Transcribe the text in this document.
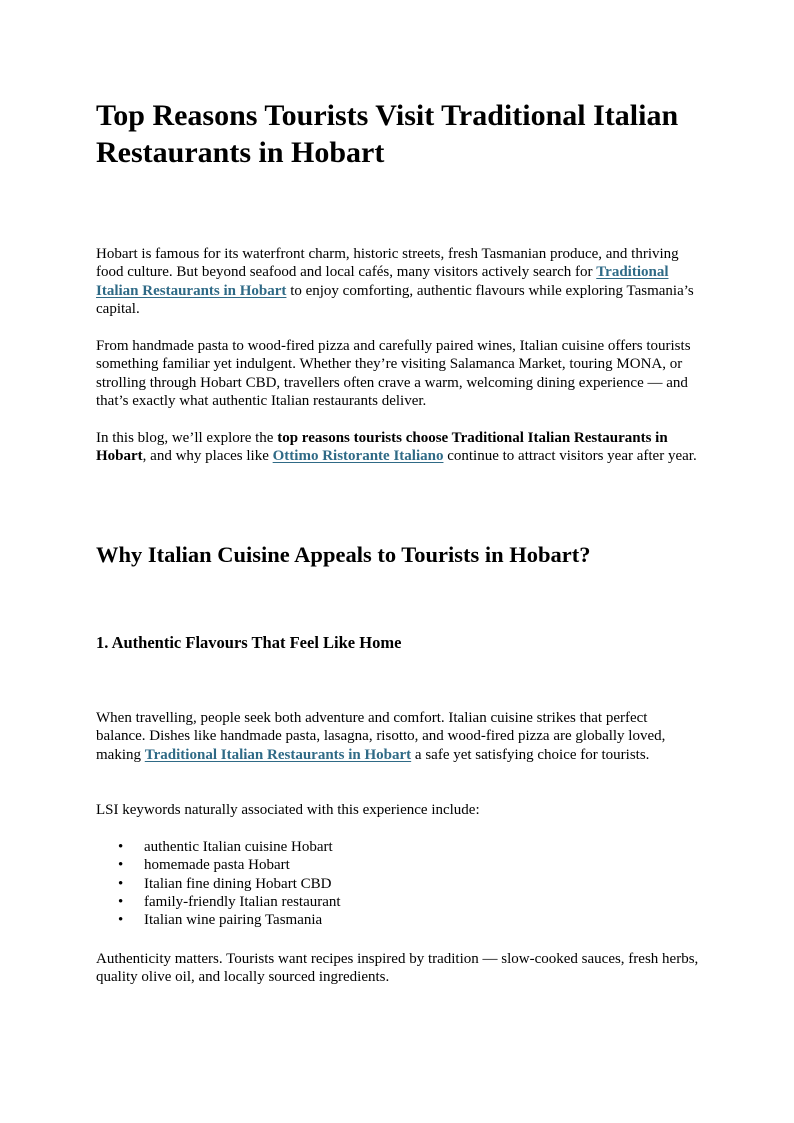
Top Reasons Tourists Visit Traditional Italian Restaurants in Hobart

Hobart is famous for its waterfront charm, historic streets, fresh Tasmanian produce, and thriving food culture. But beyond seafood and local cafés, many visitors actively search for Traditional Italian Restaurants in Hobart to enjoy comforting, authentic flavours while exploring Tasmania’s capital.

From handmade pasta to wood-fired pizza and carefully paired wines, Italian cuisine offers tourists something familiar yet indulgent. Whether they’re visiting Salamanca Market, touring MONA, or strolling through Hobart CBD, travellers often crave a warm, welcoming dining experience — and that’s exactly what authentic Italian restaurants deliver.

In this blog, we’ll explore the top reasons tourists choose Traditional Italian Restaurants in Hobart, and why places like Ottimo Ristorante Italiano continue to attract visitors year after year.

Why Italian Cuisine Appeals to Tourists in Hobart?
1. Authentic Flavours That Feel Like Home

When travelling, people seek both adventure and comfort. Italian cuisine strikes that perfect balance. Dishes like handmade pasta, lasagna, risotto, and wood-fired pizza are globally loved, making Traditional Italian Restaurants in Hobart a safe yet satisfying choice for tourists.

LSI keywords naturally associated with this experience include:

• authentic Italian cuisine Hobart
• homemade pasta Hobart
• Italian fine dining Hobart CBD
• family-friendly Italian restaurant
• Italian wine pairing Tasmania

Authenticity matters. Tourists want recipes inspired by tradition — slow-cooked sauces, fresh herbs, quality olive oil, and locally sourced ingredients.
